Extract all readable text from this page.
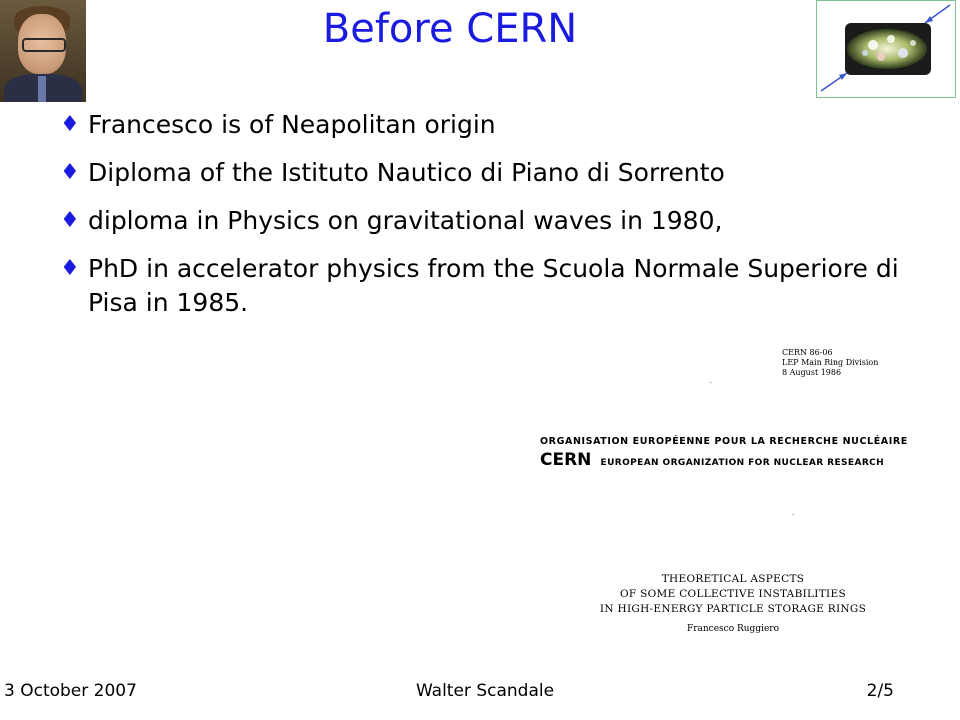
Before CERN
♦ Francesco is of Neapolitan origin
♦ Diploma of the Istituto Nautico di Piano di Sorrento
♦ diploma in Physics on gravitational waves in 1980,
♦ PhD in accelerator physics from the Scuola Normale Superiore di Pisa in 1985.
CERN 86-06
LEP Main Ring Division
8 August 1986
ORGANISATION EUROPÉENNE POUR LA RECHERCHE NUCLÉAIRE
CERN EUROPEAN ORGANIZATION FOR NUCLEAR RESEARCH
THEORETICAL ASPECTS
OF SOME COLLECTIVE INSTABILITIES
IN HIGH-ENERGY PARTICLE STORAGE RINGS
Francesco Ruggiero
3 October 2007	Walter Scandale	2/5
